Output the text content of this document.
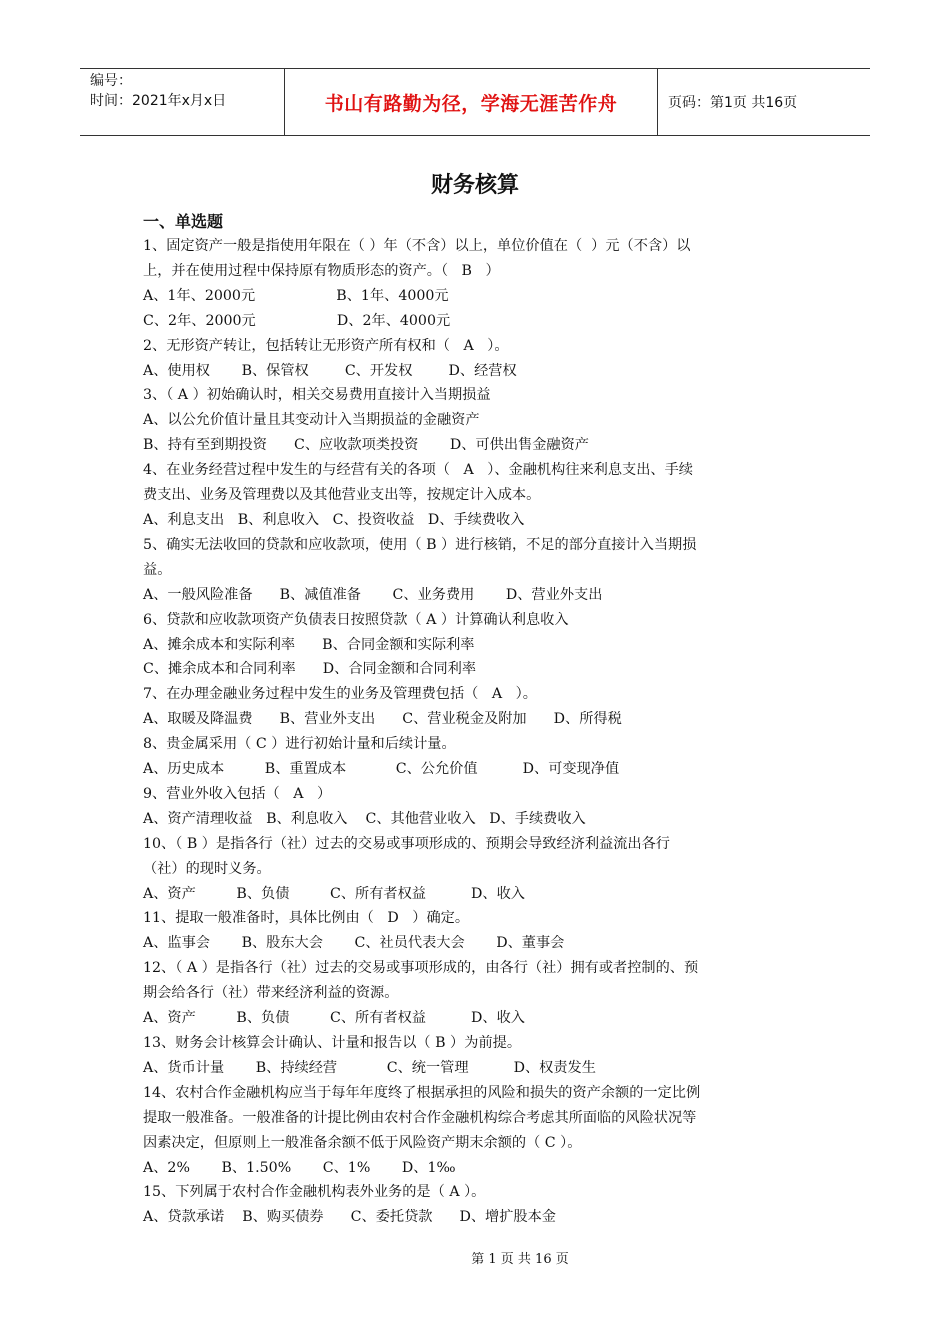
编号：
时间：2021年x月x日	书山有路勤为径，学海无涯苦作舟	页码：第1页 共16页
财务核算
一、单选题
1、固定资产一般是指使用年限在（ ）年（不含）以上，单位价值在（  ）元（不含）以
上，并在使用过程中保持原有物质形态的资产。（   B   ）
A、1年、2000元                  B、1年、4000元
C、2年、2000元                  D、2年、4000元
2、无形资产转让，包括转让无形资产所有权和（   A   ）。
A、使用权       B、保管权        C、开发权        D、经营权
3、（ A ）初始确认时，相关交易费用直接计入当期损益
A、以公允价值计量且其变动计入当期损益的金融资产
B、持有至到期投资      C、应收款项类投资       D、可供出售金融资产
4、在业务经营过程中发生的与经营有关的各项（   A   ）、金融机构往来利息支出、手续
费支出、业务及管理费以及其他营业支出等，按规定计入成本。
A、利息支出   B、利息收入   C、投资收益   D、手续费收入
5、确实无法收回的贷款和应收款项，使用（ B ）进行核销，不足的部分直接计入当期损
益。
A、一般风险准备      B、减值准备       C、业务费用       D、营业外支出
6、贷款和应收款项资产负债表日按照贷款（ A ）计算确认利息收入
A、摊余成本和实际利率      B、合同金额和实际利率
C、摊余成本和合同利率      D、合同金额和合同利率
7、在办理金融业务过程中发生的业务及管理费包括（   A   ）。
A、取暖及降温费      B、营业外支出      C、营业税金及附加      D、所得税
8、贵金属采用（ C ）进行初始计量和后续计量。
A、历史成本         B、重置成本           C、公允价值          D、可变现净值
9、营业外收入包括（   A   ）
A、资产清理收益   B、利息收入    C、其他营业收入   D、手续费收入
10、（ B ）是指各行（社）过去的交易或事项形成的、预期会导致经济利益流出各行
（社）的现时义务。
A、资产         B、负债         C、所有者权益          D、收入
11、提取一般准备时，具体比例由（   D   ）确定。
A、监事会       B、股东大会       C、社员代表大会       D、董事会
12、（ A ）是指各行（社）过去的交易或事项形成的，由各行（社）拥有或者控制的、预
期会给各行（社）带来经济利益的资源。
A、资产         B、负债         C、所有者权益          D、收入
13、财务会计核算会计确认、计量和报告以（ B ）为前提。
A、货币计量       B、持续经营           C、统一管理          D、权责发生
14、农村合作金融机构应当于每年年度终了根据承担的风险和损失的资产余额的一定比例
提取一般准备。一般准备的计提比例由农村合作金融机构综合考虑其所面临的风险状况等
因素决定，但原则上一般准备余额不低于风险资产期末余额的（ C ）。
A、2%       B、1.50%       C、1%       D、1‰
15、下列属于农村合作金融机构表外业务的是（ A ）。
A、贷款承诺    B、购买债券      C、委托贷款      D、增扩股本金
第 1 页 共 16 页
